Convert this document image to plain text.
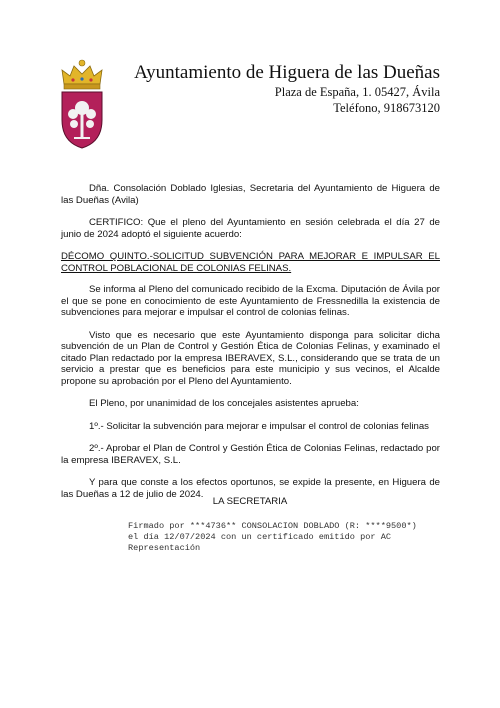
Ayuntamiento de Higuera de las Dueñas
Plaza de España, 1. 05427, Ávila
Teléfono, 918673120

Dña. Consolación Doblado Iglesias, Secretaria del Ayuntamiento de Higuera de las Dueñas (Avila)

CERTIFICO: Que el pleno del Ayuntamiento en sesión celebrada el día 27 de junio de 2024 adoptó el siguiente acuerdo:

DÉCOMO QUINTO.-SOLICITUD SUBVENCIÓN PARA MEJORAR E IMPULSAR EL CONTROL POBLACIONAL DE COLONIAS FELINAS.

Se informa al Pleno del comunicado recibido de la Excma. Diputación de Ávila por el que se pone en conocimiento de este Ayuntamiento de Fressnedilla la existencia de subvenciones para mejorar e impulsar el control de colonias felinas.

Visto que es necesario que este Ayuntamiento disponga para solicitar dicha subvención de un Plan de Control y Gestión Ética de Colonias Felinas, y examinado el citado Plan redactado por la empresa IBERAVEX, S.L., considerando que se trata de un servicio a prestar que es beneficios para este municipio y sus vecinos, el Alcalde propone su aprobación por el Pleno del Ayuntamiento.

El Pleno, por unanimidad de los concejales asistentes aprueba:

1º.- Solicitar la subvención para mejorar e impulsar el control de colonias felinas

2º.- Aprobar el Plan de Control y Gestión Ética de Colonias Felinas, redactado por la empresa IBERAVEX, S.L.

Y para que conste a los efectos oportunos, se expide la presente, en Higuera de las Dueñas a 12 de julio de 2024.

LA SECRETARIA
Firmado por ***4736** CONSOLACION DOBLADO (R: ****9500*) el día 12/07/2024 con un certificado emitido por AC Representación
